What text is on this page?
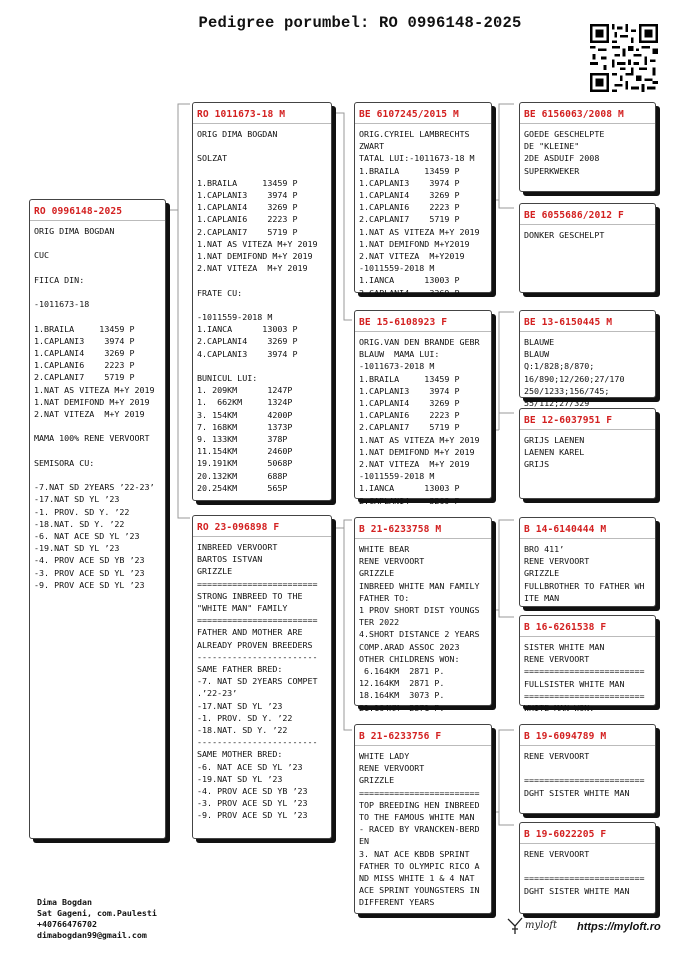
Pedigree porumbel: RO 0996148-2025
RO 0996148-2025
ORIG DIMA BOGDAN

CUC

FIICA DIN:

-1011673-18

1.BRAILA     13459 P
1.CAPLANI3    3974 P
1.CAPLANI4    3269 P
1.CAPLANI6    2223 P
2.CAPLANI7    5719 P
1.NAT AS VITEZA M+Y 2019
1.NAT DEMIFOND M+Y 2019
2.NAT VITEZA  M+Y 2019

MAMA 100% RENE VERVOORT

SEMISORA CU:

-7.NAT SD 2YEARS ’22-23’
-17.NAT SD YL ’23
-1. PROV. SD Y. ’22
-18.NAT. SD Y. ’22
-6. NAT ACE SD YL ’23
-19.NAT SD YL ’23
-4. PROV ACE SD YB ’23
-3. PROV ACE SD YL ’23
-9. PROV ACE SD YL ’23
RO 1011673-18 M
ORIG DIMA BOGDAN

SOLZAT

1.BRAILA     13459 P
1.CAPLANI3    3974 P
1.CAPLANI4    3269 P
1.CAPLANI6    2223 P
2.CAPLANI7    5719 P
1.NAT AS VITEZA M+Y 2019
1.NAT DEMIFOND M+Y 2019
2.NAT VITEZA  M+Y 2019

FRATE CU:

-1011559-2018 M
1.IANCA      13003 P
2.CAPLANI4    3269 P
4.CAPLANI3    3974 P

BUNICUL LUI:
1. 209KM      1247P
1.  662KM     1324P
3. 154KM      4200P
7. 168KM      1373P
9. 133KM      378P
11.154KM      2460P
19.191KM      5068P
20.132KM      688P
20.254KM      565P
RO 23-096898 F
INBREED VERVOORT
BARTOS ISTVAN
GRIZZLE
========================
STRONG INBREED TO THE
"WHITE MAN" FAMILY
========================
FATHER AND MOTHER ARE
ALREADY PROVEN BREEDERS
------------------------
SAME FATHER BRED:
-7. NAT SD 2YEARS COMPET
.’22-23’
-17.NAT SD YL ’23
-1. PROV. SD Y. ’22
-18.NAT. SD Y. ’22
------------------------
SAME MOTHER BRED:
-6. NAT ACE SD YL ’23
-19.NAT SD YL ’23
-4. PROV ACE SD YB ’23
-3. PROV ACE SD YL ’23
-9. PROV ACE SD YL ’23
BE 6107245/2015 M
ORIG.CYRIEL LAMBRECHTS
ZWART
TATAL LUI:-1011673-18 M
1.BRAILA     13459 P
1.CAPLANI3    3974 P
1.CAPLANI4    3269 P
1.CAPLANI6    2223 P
2.CAPLANI7    5719 P
1.NAT AS VITEZA M+Y 2019
1.NAT DEMIFOND M+Y2019
2.NAT VITEZA  M+Y2019
-1011559-2018 M
1.IANCA      13003 P
2.CAPLANI4    3269 P
BE 15-6108923 F
ORIG.VAN DEN BRANDE GEBR
BLAUW  MAMA LUI:
-1011673-2018 M
1.BRAILA     13459 P
1.CAPLANI3    3974 P
1.CAPLANI4    3269 P
1.CAPLANI6    2223 P
2.CAPLANI7    5719 P
1.NAT AS VITEZA M+Y 2019
1.NAT DEMIFOND M+Y 2019
2.NAT VITEZA  M+Y 2019
-1011559-2018 M
1.IANCA      13003 P
2.CAPLANI4    3269 P
B 21-6233758 M
WHITE BEAR
RENE VERVOORT
GRIZZLE
INBREED WHITE MAN FAMILY
FATHER TO:
1 PROV SHORT DIST YOUNGS
TER 2022
4.SHORT DISTANCE 2 YEARS
COMP.ARAD ASSOC 2023
OTHER CHILDRENS WON:
6.164KM  2871 P.
12.164KM  2871 P.
18.164KM  3073 P.
21.164KM  2871 P.
B 21-6233756 F
WHITE LADY
RENE VERVOORT
GRIZZLE
========================
TOP BREEDING HEN INBREED
TO THE FAMOUS WHITE MAN
- RACED BY VRANCKEN-BERD
EN
3. NAT ACE KBDB SPRINT
FATHER TO OLYMPIC RICO A
ND MISS WHITE 1 & 4 NAT
ACE SPRINT YOUNGSTERS IN
DIFFERENT YEARS
------------------------
BE 6156063/2008 M
GOEDE GESCHELPTE
DE "KLEINE"
2DE ASDUIF 2008
SUPERKWEKER
BE 6055686/2012 F
DONKER GESCHELPT
BE 13-6150445 M
BLAUWE
BLAUW
Q:1/828;8/870;
16/890;12/260;27/170
250/1233;156/745;
55/112;27/329
BE 12-6037951 F
GRIJS LAENEN
LAENEN KAREL
GRIJS
B 14-6140444 M
BRO 411’
RENE VERVOORT
GRIZZLE
FULLBROTHER TO FATHER WH
ITE MAN
B 16-6261538 F
SISTER WHITE MAN
RENE VERVOORT
========================
FULLSISTER WHITE MAN
========================
WHITE MAN WON:
B 19-6094789 M
RENE VERVOORT

========================
DGHT SISTER WHITE MAN
B 19-6022205 F
RENE VERVOORT

========================
DGHT SISTER WHITE MAN
Dima Bogdan
Sat Gageni, com.Paulesti
+40766476702
dimabogdan99@gmail.com
myloft https://myloft.ro
